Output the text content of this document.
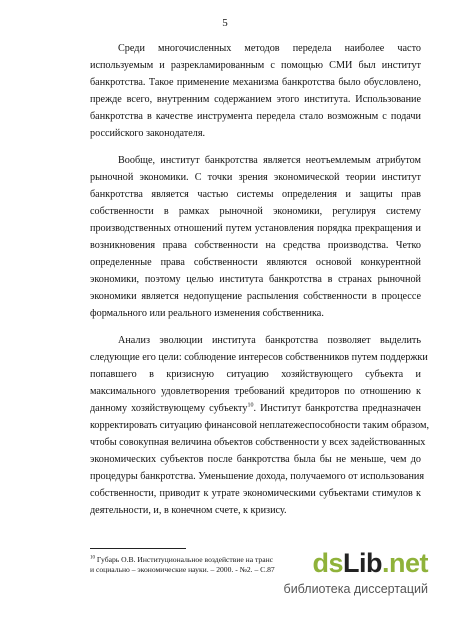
5
Среди многочисленных методов передела наиболее часто
используемым и разрекламированным с помощью СМИ был институт
банкротства. Такое применение механизма банкротства было обусловлено,
прежде всего, внутренним содержанием этого института. Использование
банкротства в качестве инструмента передела стало возможным с подачи
российского законодателя.
Вообще, институт банкротства является неотъемлемым атрибутом
рыночной экономики. С точки зрения экономической теории институт
банкротства является частью системы определения и защиты прав
собственности в рамках рыночной экономики, регулируя систему
производственных отношений путем установления порядка прекращения и
возникновения права собственности на средства производства. Четко
определенные права собственности являются основой конкурентной
экономики, поэтому целью института банкротства в странах рыночной
экономики является недопущение распыления собственности в процессе
формального или реального изменения собственника.
Анализ эволюции института банкротства позволяет выделить
следующие его цели: соблюдение интересов собственников путем поддержки
попавшего в кризисную ситуацию хозяйствующего субъекта и
максимального удовлетворения требований кредиторов по отношению к
данному хозяйствующему субъекту$^{10}$. Институт банкротства предназначен
корректировать ситуацию финансовой неплатежеспособности таким образом,
чтобы совокупная величина объектов собственности у всех задействованных
экономических субъектов после банкротства была бы не меньше, чем до
процедуры банкротства. Уменьшение дохода, получаемого от использования
собственности, приводит к утрате экономическими субъектами стимулов к
деятельности, и, в конечном счете, к кризису.
$^{10}$ Губарь О.В. Институциональное воздействие на транс
и социально – экономические науки. – 2000. - №2. – С.87	dsLib.net
библиотека диссертаций
